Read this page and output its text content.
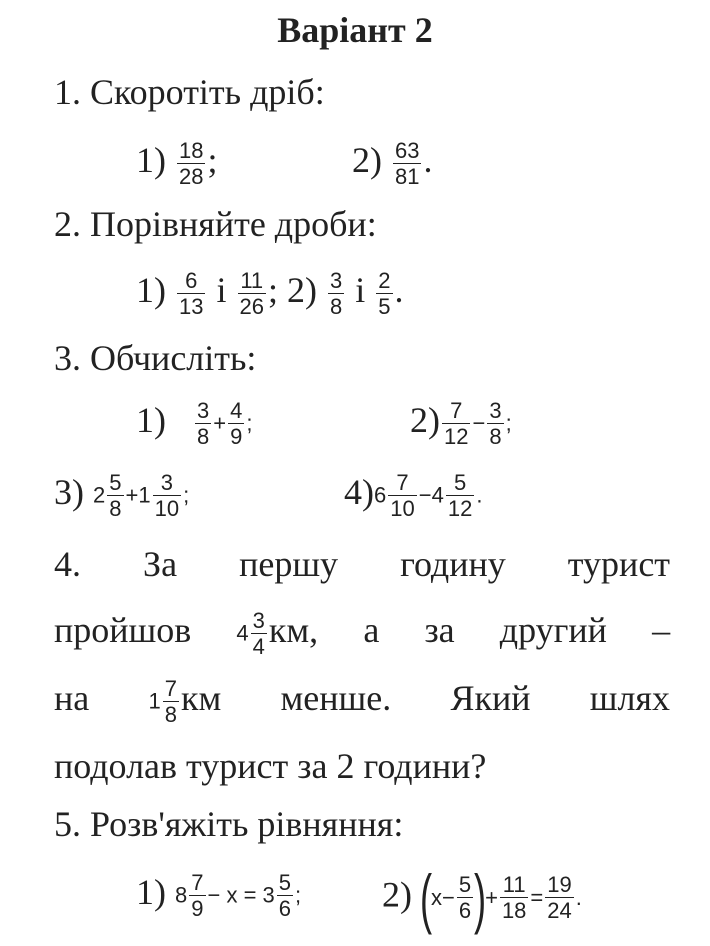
Варіант 2
1. Скоротіть дріб:
$1) \frac{18}{28}$ ;	$2) \frac{63}{81}$ .
2. Порівняйте дроби:
$1) \frac{6}{13}$ і $\frac{11}{26}$ ; $2) \frac{3}{8}$ і $\frac{2}{5}$ .
3. Обчисліть:
$1) \frac{3}{8} + \frac{4}{9}$ ;	$2) \frac{7}{12} - \frac{3}{8}$ ;
3) $2 \frac{5}{8} +1 \frac{3}{10}$ ;	$4)6 \frac{7}{10} -4 \frac{5}{12}$ .
4. За першу годину турист
пройшов $4 \frac{3}{4}$ км, а за другий –
на	$1 \frac{7}{8}$ км менше. Який шлях
подолав турист за 2 години?
5. Розв'яжіть рівняння:
1) $8 \frac{7}{9} - x = 3 \frac{5}{6}$ ; 2) ($x- \frac{5}{6}$ )+ $\frac{11}{18} = \frac{19}{24}$ .
